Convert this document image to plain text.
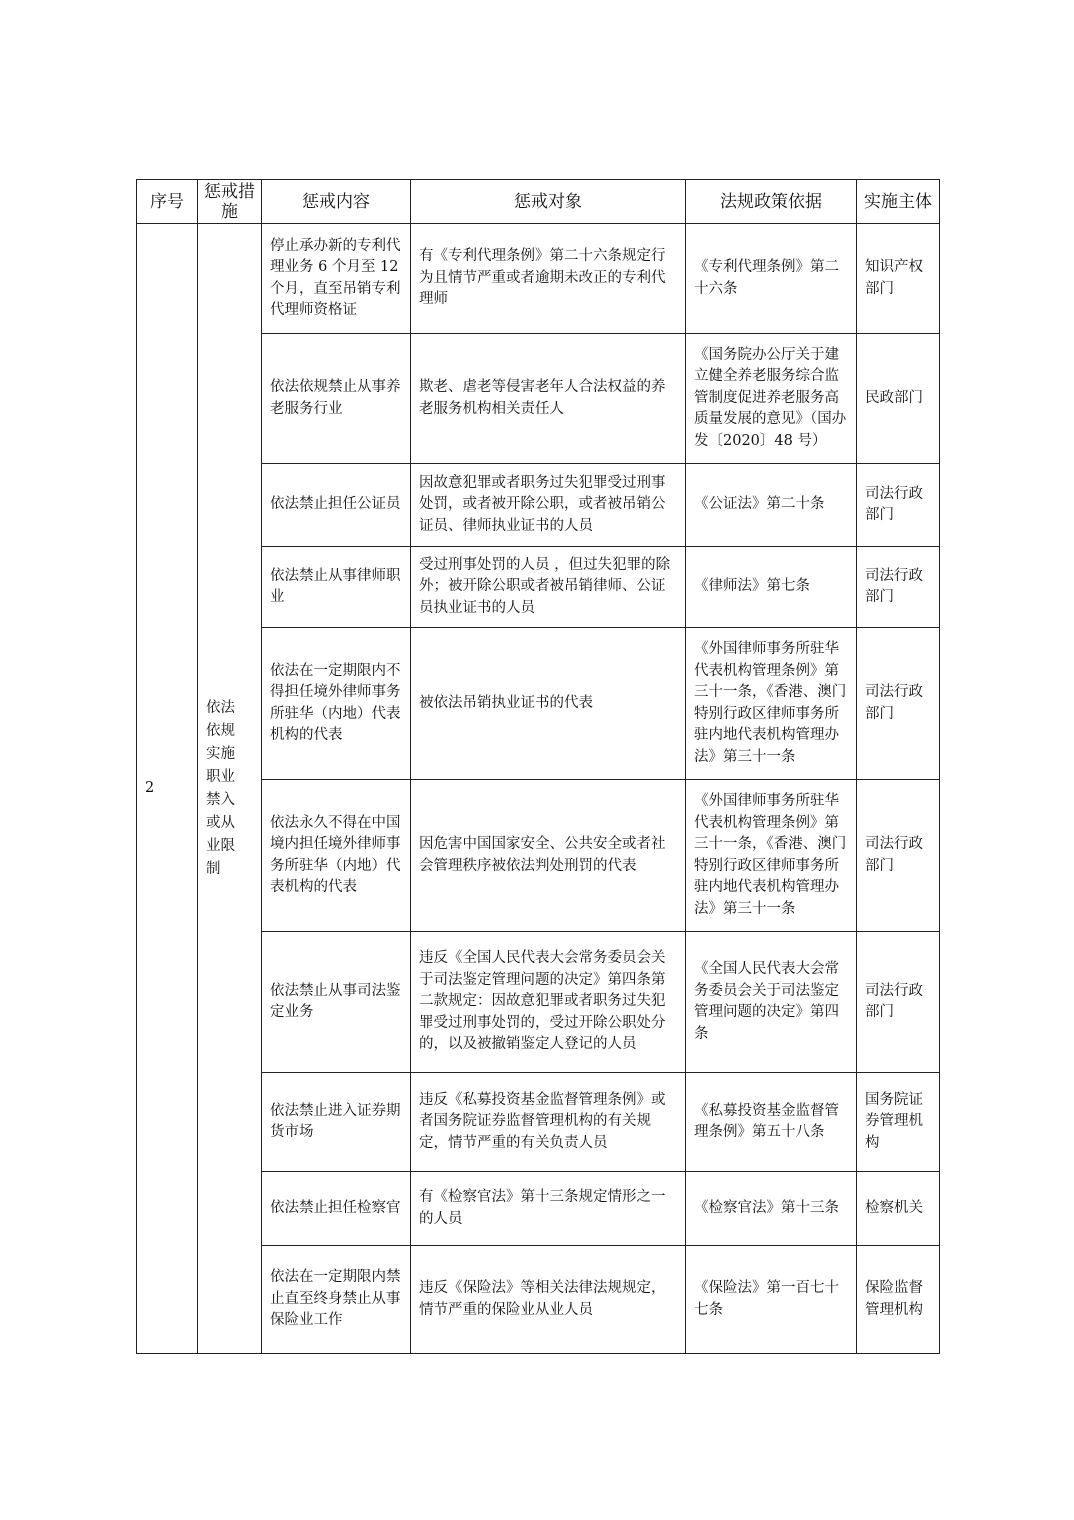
序号	惩戒措施	惩戒内容	惩戒对象	法规政策依据	实施主体
2	依法依规实施职业禁入或从业限制	停止承办新的专利代理业务 6 个月至 12 个月，直至吊销专利代理师资格证	有《专利代理条例》第二十六条规定行为且情节严重或者逾期未改正的专利代理师	《专利代理条例》第二十六条	知识产权部门
		依法依规禁止从事养老服务行业	欺老、虐老等侵害老年人合法权益的养老服务机构相关责任人	《国务院办公厅关于建立健全养老服务综合监管制度促进养老服务高质量发展的意见》（国办发〔2020〕48 号）	民政部门
		依法禁止担任公证员	因故意犯罪或者职务过失犯罪受过刑事处罚，或者被开除公职，或者被吊销公证员、律师执业证书的人员	《公证法》第二十条	司法行政部门
		依法禁止从事律师职业	受过刑事处罚的人员 ，但过失犯罪的除外；被开除公职或者被吊销律师、公证员执业证书的人员	《律师法》第七条	司法行政部门
		依法在一定期限内不得担任境外律师事务所驻华（内地）代表机构的代表	被依法吊销执业证书的代表	《外国律师事务所驻华代表机构管理条例》第三十一条，《香港、澳门特别行政区律师事务所驻内地代表机构管理办法》第三十一条	司法行政部门
		依法永久不得在中国境内担任境外律师事务所驻华（内地）代表机构的代表	因危害中国国家安全、公共安全或者社会管理秩序被依法判处刑罚的代表	《外国律师事务所驻华代表机构管理条例》第三十一条，《香港、澳门特别行政区律师事务所驻内地代表机构管理办法》第三十一条	司法行政部门
		依法禁止从事司法鉴定业务	违反《全国人民代表大会常务委员会关于司法鉴定管理问题的决定》第四条第二款规定：因故意犯罪或者职务过失犯罪受过刑事处罚的，受过开除公职处分的，以及被撤销鉴定人登记的人员	《全国人民代表大会常务委员会关于司法鉴定管理问题的决定》第四条	司法行政部门
		依法禁止进入证券期货市场	违反《私募投资基金监督管理条例》或者国务院证券监督管理机构的有关规定，情节严重的有关负责人员	《私募投资基金监督管理条例》第五十八条	国务院证券管理机构
		依法禁止担任检察官	有《检察官法》第十三条规定情形之一的人员	《检察官法》第十三条	检察机关
		依法在一定期限内禁止直至终身禁止从事保险业工作	违反《保险法》等相关法律法规规定，情节严重的保险业从业人员	《保险法》第一百七十七条	保险监督管理机构
